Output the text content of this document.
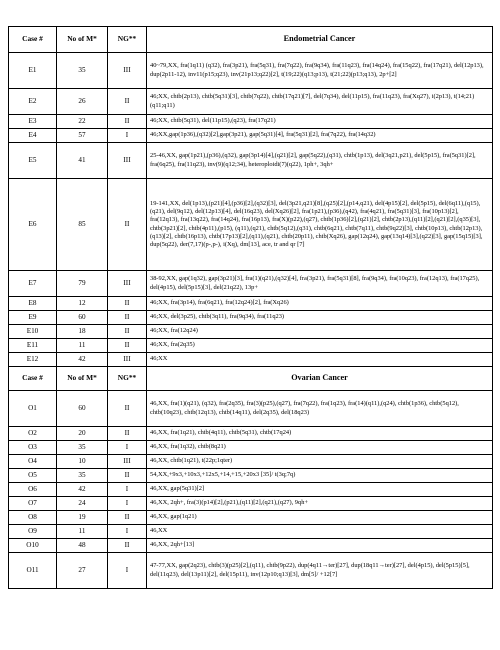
Case #	No of M*	NG**	Endometrial Cancer
E1	35	III	40~79,XX, fra(1q11) (q32), fra(3p21), fra(5q31), fra(7q22), fra(9q34), fra(11q23), fra(14q24), fra(15q22), fra(17q21), del(12p13), dup(2p11-12), inv11(p15;q23), inv(21p13;q22)[2], t(19;22)(q13;p13), t(21;22)(p13;q13), 2p+[2]
E2	26	II	46;XX, chtb(2p13), chtb(5q31)[3], chtb(7q22), chtb(17q21)[7], del(7q34), del(11p15), fra(11q23), fra(Xq27), i(2p13), t(14;21)(q11;q11)
E3	22	II	46;XX, chtb(5q31), del(11p15),(q23), fra(17q21)
E4	57	I	46;XX,gap(1p36),(q32)[2],gap(3p21), gap(5q31)[4], fra(5q31)[2], fra(7q22), fra(14q32)
E5	41	III	25-46,XX, gap(1p21),(p36),(q32), gap(3p14)[4],(q21)[2], gap(5q22),(q31), chtb(1p13), del(3q21,p21), del(5p15), fra(5q31)[2], fra(6q25), fra(11q23), inv(9)(q12;34), heteroploidi(7)(q22), 1ph+, 3qh+
E6	85	II	19-141,XX, del(1p13),(p21)[4],(p36)[2],(q32)[3], del(3p21,q21)[8],(q25)[2],(p14,q21), del(4p15)[2], del(5p15), del(6q11),(q15),(q21), del(9q12), del(12p13)[4], del(16q23), del(Xq26)[2], fra(1p21),(p36),(q42), fra(4q21), fra(5q31)[3], fra(10p13)[2], fra(12q13), fra(13q22), fra(14q24), fra(16p13), fra(X)(p22),(q27), chtb(1p36)[2],(q21)[2], chtb(2p13),(q11)[2],(q21)[2],(q35)[3], chtb(3p21)[2], chtb(4p11),(p15), (q11),(q21), chtb(5q12),(q31), chtb(6q21), chtb(7q11), chtb(9q22)[3], chtb(10p13), chtb(12p13),(q13)[2], chtb(16p13), chtb(17p13)[2],(q11),(q21), chtb(20p11), chtb(Xq26), gap(12q24), gap(13q14)[3],(q22)[3], gap(15q15)[3], dup(5q22), der(7,17)(p-,p-), i(Xq), dm[13], ace, tr and qr [7]
E7	79	III	38-92,XX, gap(1q32), gap(3p21)[3], fra(1)(q21),(q32)[4], fra(3p21), fra(5q31)[8], fra(9q34), fra(10q23), fra(12q13), fra(17q25), del(4p15), del(5p15)[3], del(21q22), 13p+
E8	12	II	46;XX, fra(3p14), fra(6q21), fra(12q24)[2], fra(Xq26)
E9	60	II	46;XX, del(3p25), chtb(3q11), fra(9q34), fra(11q23)
E10	18	II	46;XX, fra(12q24)
E11	11	II	46;XX, fra(2q35)
E12	42	III	46;XX
Case #	No of M*	NG**	Ovarian Cancer
O1	60	II	46,XX, fra(1)(q21), (q32), fra(2q35), fra(3)(p25),(q27), fra(7q22), fra(1q23), fra(14)(q11),(q24), chtb(1p36), chtb(5q12), chtb(10q23), chtb(12q13), chtb(14q11), del(2q35), del(18q23)
O2	20	II	46,XX, fra(1q21), chtb(4q11), chtb(5q31), chtb(17q24)
O3	35	I	46,XX, fra(1q32), chtb(8q21)
O4	10	III	46,XX, chtb(1q21), t(22p;1qter)
O5	35	II	54,XX,+9x3,+10x3,+12x5,+14,+15,+20x3 [35]/ t(3q;7q)
O6	42	I	46,XX, gap(5q31)[2]
O7	24	I	46,XX, 2qh+, fra(3)(p14)[2],(p21),(q11)[2],(q21),(q27), 9qh+
O8	19	II	46,XX, gap(1q21)
O9	11	I	46,XX
O10	48	II	46,XX, 2qh+[13]
O11	27	I	47-77,XX, gap(2q23), chtb(3)(p25)[2],(q11), chtb(9p22), dup(4q11→ter)[27], dup(18q11→ter)[27], del(4p15), del(5p15)[5], del(11q23), del(13p11)[2], del(15p11), inv(12p10;q13)[3], dm[5]/ +12[7]
